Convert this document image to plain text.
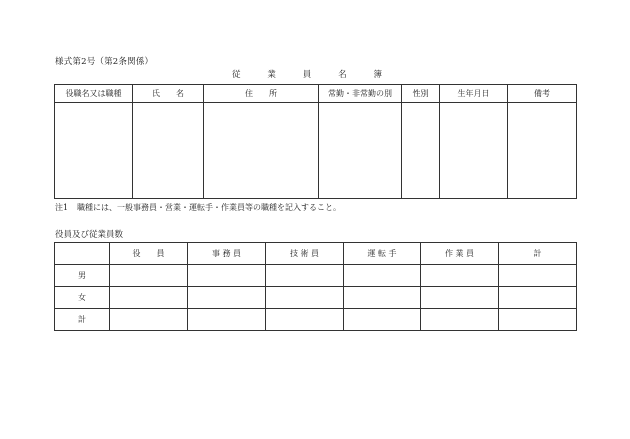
様式第2号（第2条関係）
従	業	員	名	簿
役職名又は職種	氏　　名	住　　所	常勤・非常勤の別	性別	生年月日	備考

注1 職種には、一般事務員・営業・運転手・作業員等の職種を記入すること。
役員及び従業員数
	役　　員	事 務 員	技 術 員	運 転 手	作 業 員	計
男						
女						
計						
